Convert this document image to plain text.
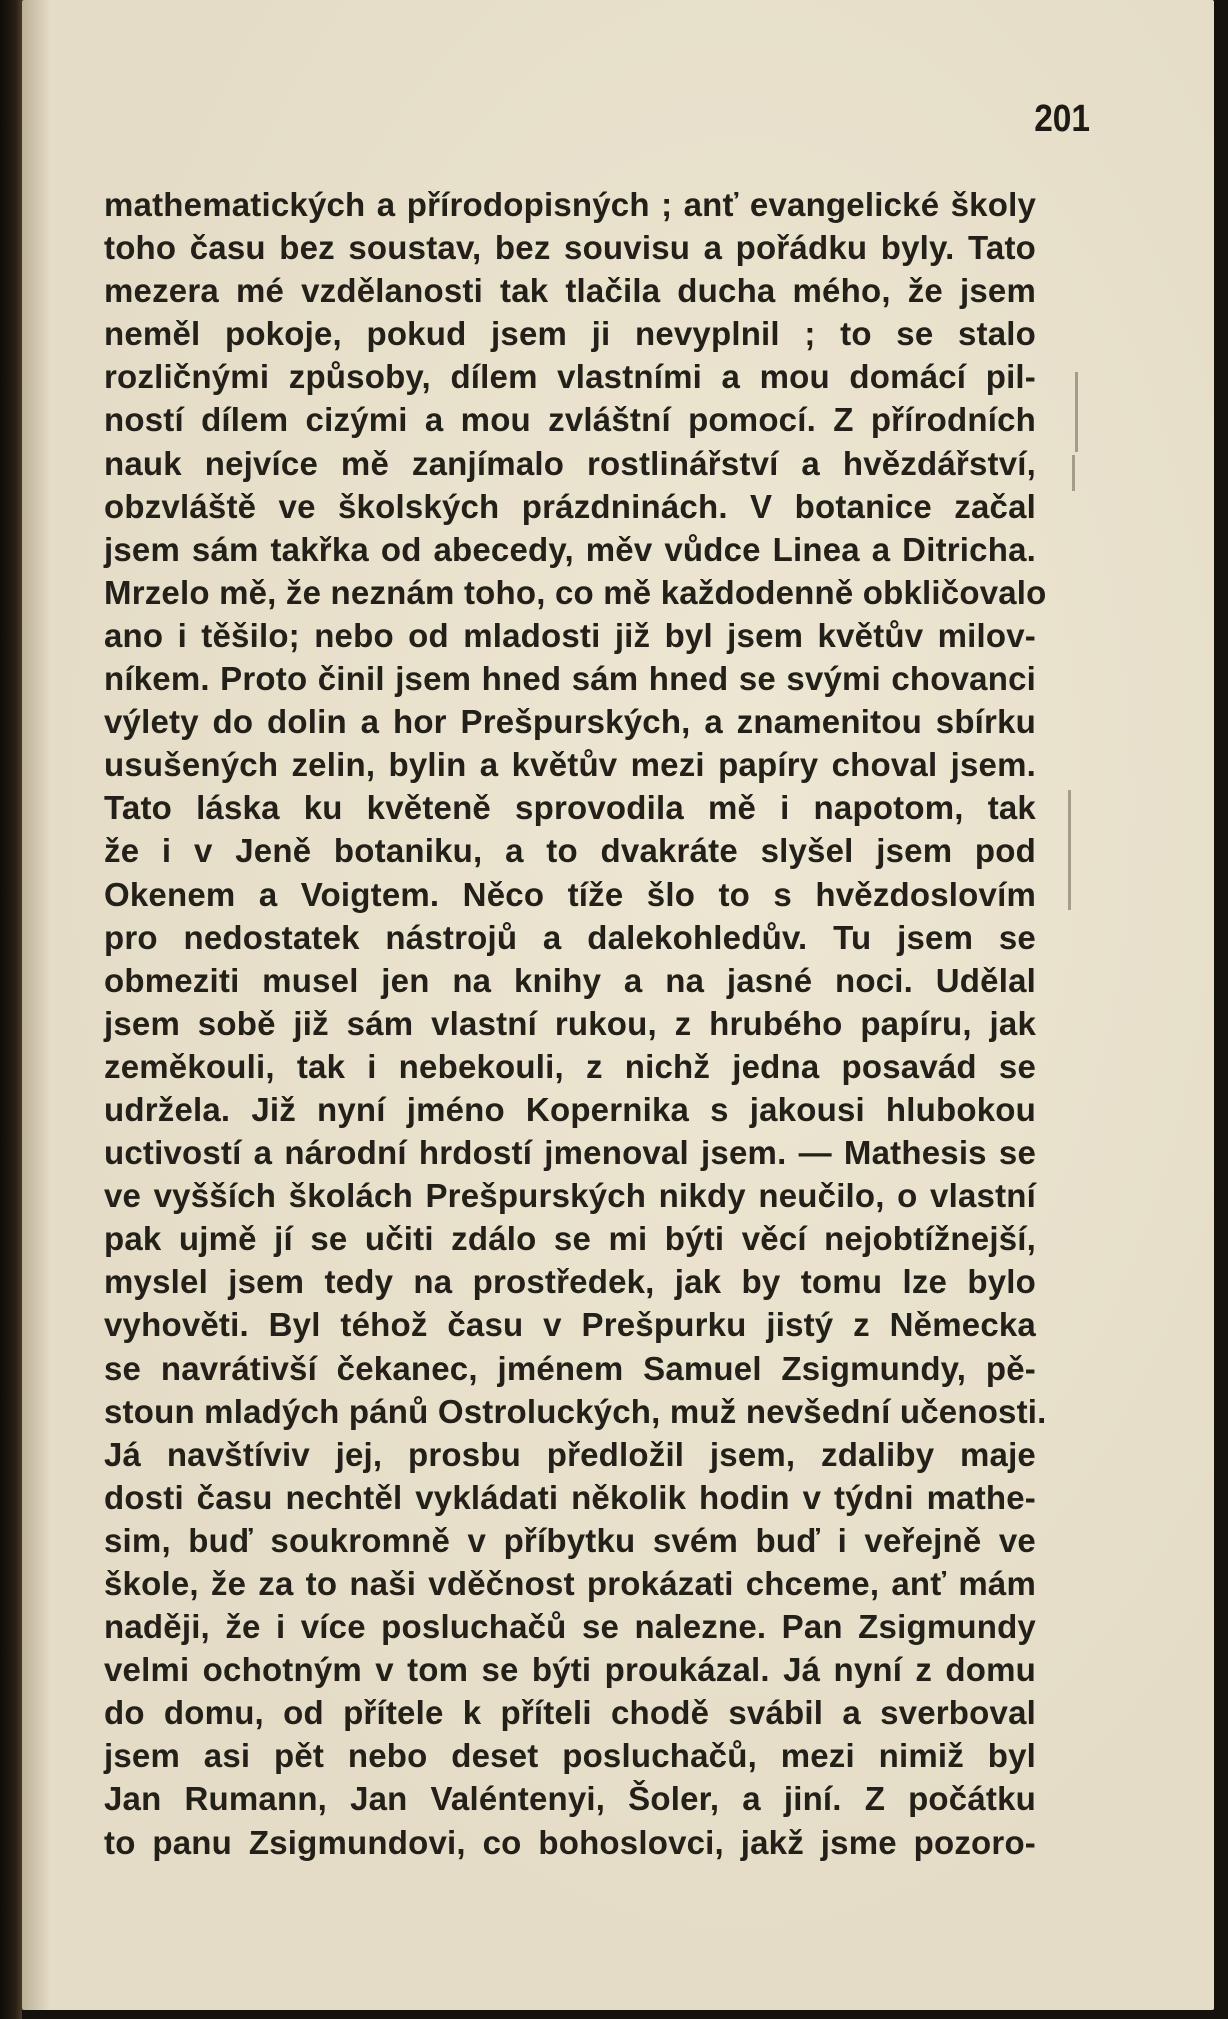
201
mathematických a přírodopisných ; anť evangelické školy
toho času bez soustav, bez souvisu a pořádku byly. Tato
mezera mé vzdělanosti tak tlačila ducha mého, že jsem
neměl pokoje, pokud jsem ji nevyplnil ; to se stalo
rozličnými způsoby, dílem vlastními a mou domácí pil-
ností dílem cizými a mou zvláštní pomocí. Z přírodních
nauk nejvíce mě zanjímalo rostlinářství a hvězdářství,
obzvláště ve školských prázdninách. V botanice začal
jsem sám takřka od abecedy, měv vůdce Linea a Ditricha.
Mrzelo mě, že neznám toho, co mě každodenně obkličovalo
ano i těšilo; nebo od mladosti již byl jsem květův milov-
níkem. Proto činil jsem hned sám hned se svými chovanci
výlety do dolin a hor Prešpurských, a znamenitou sbírku
usušených zelin, bylin a květův mezi papíry choval jsem.
Tato láska ku květeně sprovodila mě i napotom, tak
že i v Jeně botaniku, a to dvakráte slyšel jsem pod
Okenem a Voigtem. Něco tíže šlo to s hvězdoslovím
pro nedostatek nástrojů a dalekohledův. Tu jsem se
obmeziti musel jen na knihy a na jasné noci. Udělal
jsem sobě již sám vlastní rukou, z hrubého papíru, jak
zeměkouli, tak i nebekouli, z nichž jedna posavád se
udržela. Již nyní jméno Kopernika s jakousi hlubokou
uctivostí a národní hrdostí jmenoval jsem. — Mathesis se
ve vyšších školách Prešpurských nikdy neučilo, o vlastní
pak ujmě jí se učiti zdálo se mi býti věcí nejobtížnejší,
myslel jsem tedy na prostředek, jak by tomu lze bylo
vyhověti. Byl téhož času v Prešpurku jistý z Německa
se navrátivší čekanec, jménem Samuel Zsigmundy, pě-
stoun mladých pánů Ostroluckých, muž nevšední učenosti.
Já navštíviv jej, prosbu předložil jsem, zdaliby maje
dosti času nechtěl vykládati několik hodin v týdni mathe-
sim, buď soukromně v příbytku svém buď i veřejně ve
škole, že za to naši vděčnost prokázati chceme, anť mám
naději, že i více posluchačů se nalezne. Pan Zsigmundy
velmi ochotným v tom se býti proukázal. Já nyní z domu
do domu, od přítele k příteli chodě svábil a sverboval
jsem asi pět nebo deset posluchačů, mezi nimiž byl
Jan Rumann, Jan Valéntenyi, Šoler, a jiní. Z počátku
to panu Zsigmundovi, co bohoslovci, jakž jsme pozoro-
